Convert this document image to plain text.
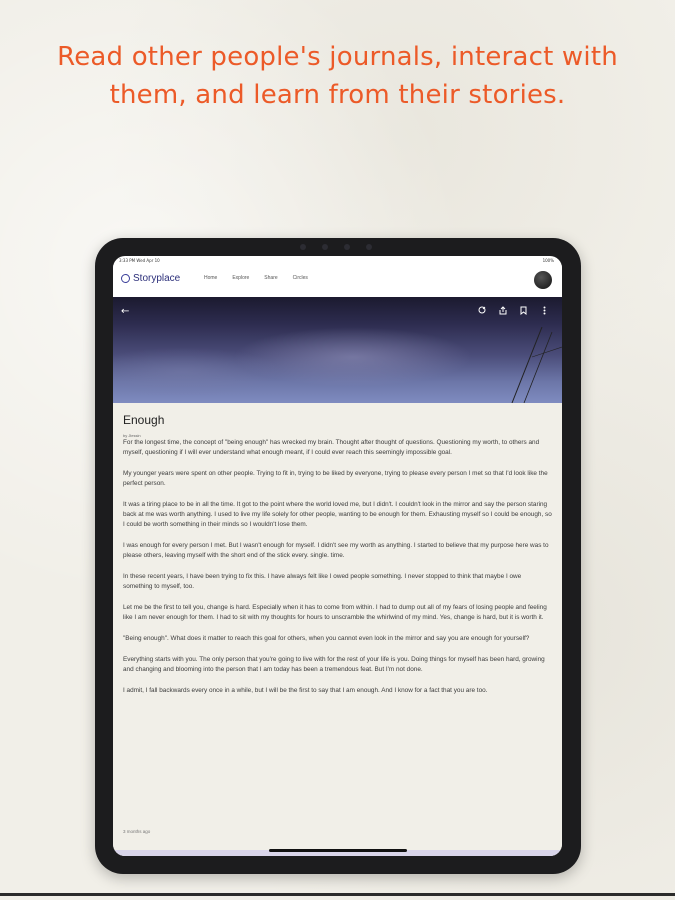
Read other people's journals, interact with
them, and learn from their stories.
3:33 PM Wed Apr 10	100%
Storyplace	Home	Explore	Share	Circles
←
Enough
by Jlessin

For the longest time, the concept of "being enough" has wrecked my brain. Thought after thought of questions. Questioning my worth, to others and myself, questioning if I will ever understand what enough meant, if I could ever reach this seemingly impossible goal.

My younger years were spent on other people. Trying to fit in, trying to be liked by everyone, trying to please every person I met so that I'd look like the perfect person.

It was a tiring place to be in all the time. It got to the point where the world loved me, but I didn't. I couldn't look in the mirror and say the person staring back at me was worth anything. I used to live my life solely for other people, wanting to be enough for them. Exhausting myself so I could be enough, so I could be worth something in their minds so I wouldn't lose them.

I was enough for every person I met. But I wasn't enough for myself. I didn't see my worth as anything. I started to believe that my purpose here was to please others, leaving myself with the short end of the stick every. single. time.

In these recent years, I have been trying to fix this. I have always felt like I owed people something. I never stopped to think that maybe I owe something to myself, too.

Let me be the first to tell you, change is hard. Especially when it has to come from within. I had to dump out all of my fears of losing people and feeling like I am never enough for them. I had to sit with my thoughts for hours to unscramble the whirlwind of my mind. Yes, change is hard, but it is worth it.

"Being enough". What does it matter to reach this goal for others, when you cannot even look in the mirror and say you are enough for yourself?

Everything starts with you. The only person that you're going to live with for the rest of your life is you. Doing things for myself has been hard, growing and changing and blooming into the person that I am today has been a tremendous feat. But I'm not done.

I admit, I fall backwards every once in a while, but I will be the first to say that I am enough. And I know for a fact that you are too.

3 months ago
